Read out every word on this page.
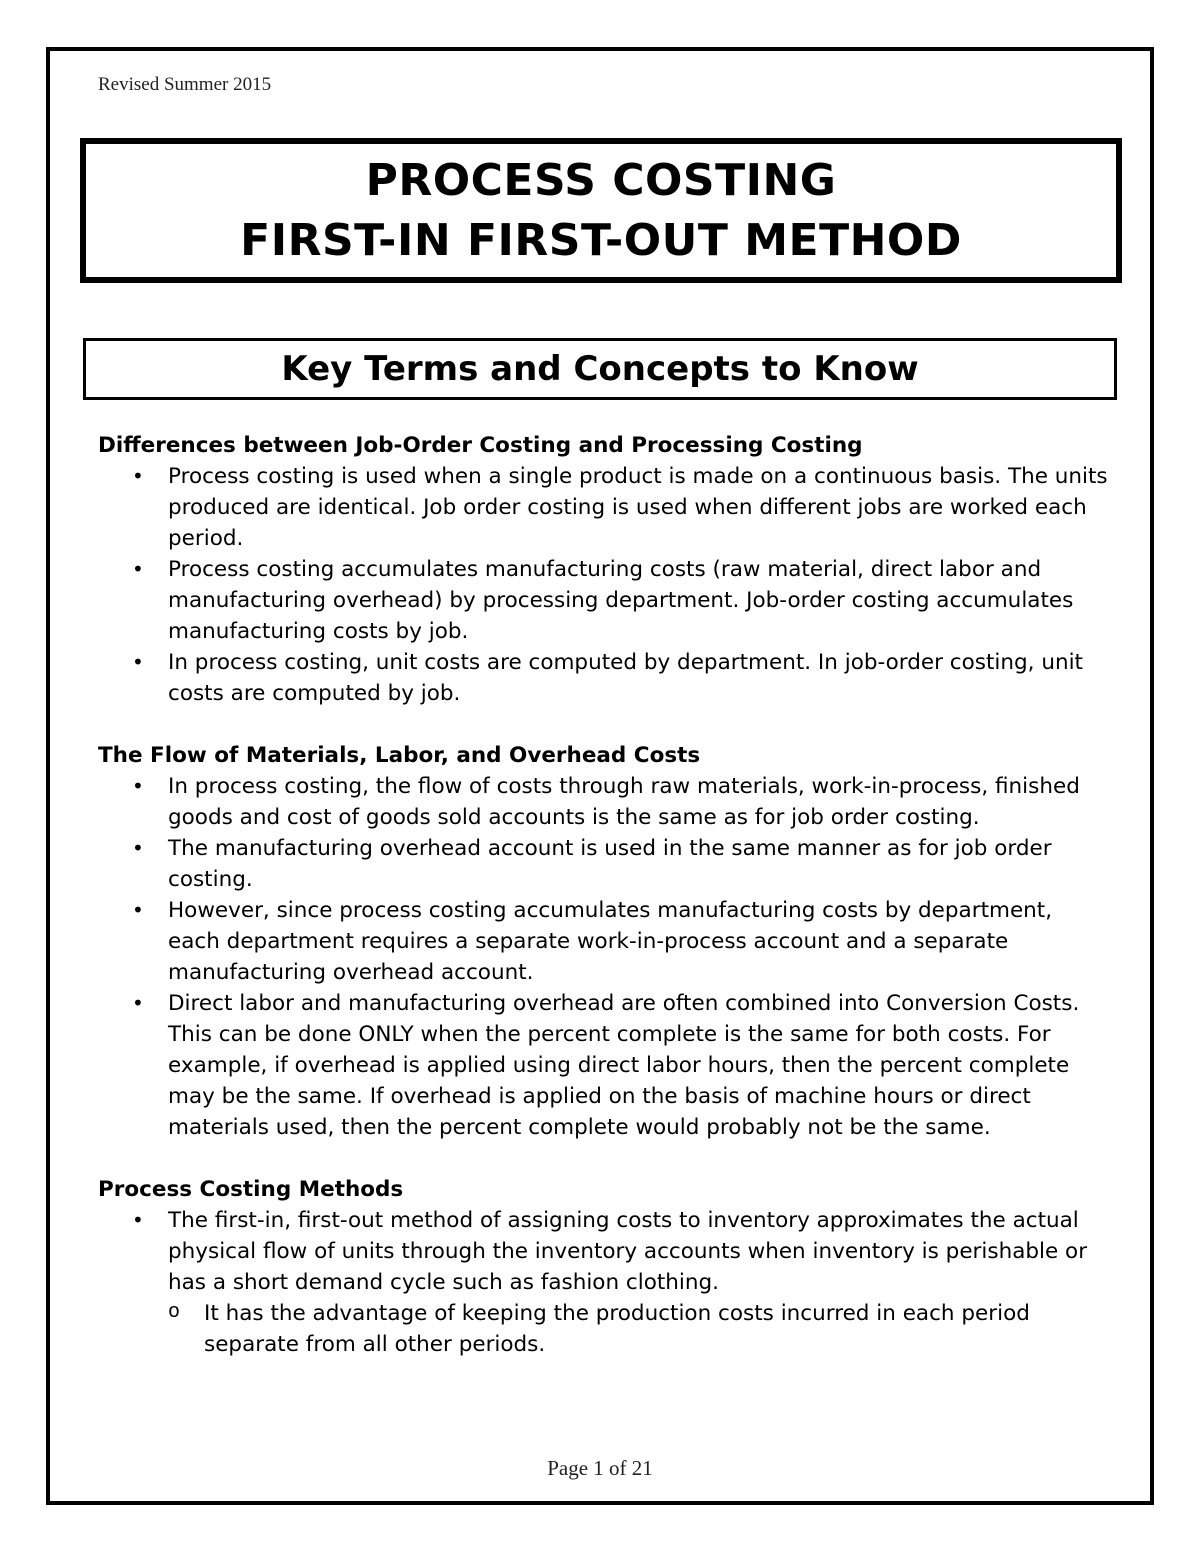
Revised Summer 2015
PROCESS COSTING
FIRST-IN FIRST-OUT METHOD
Key Terms and Concepts to Know
Differences between Job-Order Costing and Processing Costing
• Process costing is used when a single product is made on a continuous basis. The units produced are identical. Job order costing is used when different jobs are worked each period.
• Process costing accumulates manufacturing costs (raw material, direct labor and manufacturing overhead) by processing department. Job-order costing accumulates manufacturing costs by job.
• In process costing, unit costs are computed by department. In job-order costing, unit costs are computed by job.
The Flow of Materials, Labor, and Overhead Costs
• In process costing, the flow of costs through raw materials, work-in-process, finished goods and cost of goods sold accounts is the same as for job order costing.
• The manufacturing overhead account is used in the same manner as for job order costing.
• However, since process costing accumulates manufacturing costs by department, each department requires a separate work-in-process account and a separate manufacturing overhead account.
• Direct labor and manufacturing overhead are often combined into Conversion Costs. This can be done ONLY when the percent complete is the same for both costs. For example, if overhead is applied using direct labor hours, then the percent complete may be the same. If overhead is applied on the basis of machine hours or direct materials used, then the percent complete would probably not be the same.
Process Costing Methods
• The first-in, first-out method of assigning costs to inventory approximates the actual physical flow of units through the inventory accounts when inventory is perishable or has a short demand cycle such as fashion clothing.
o It has the advantage of keeping the production costs incurred in each period separate from all other periods.
Page 1 of 21
